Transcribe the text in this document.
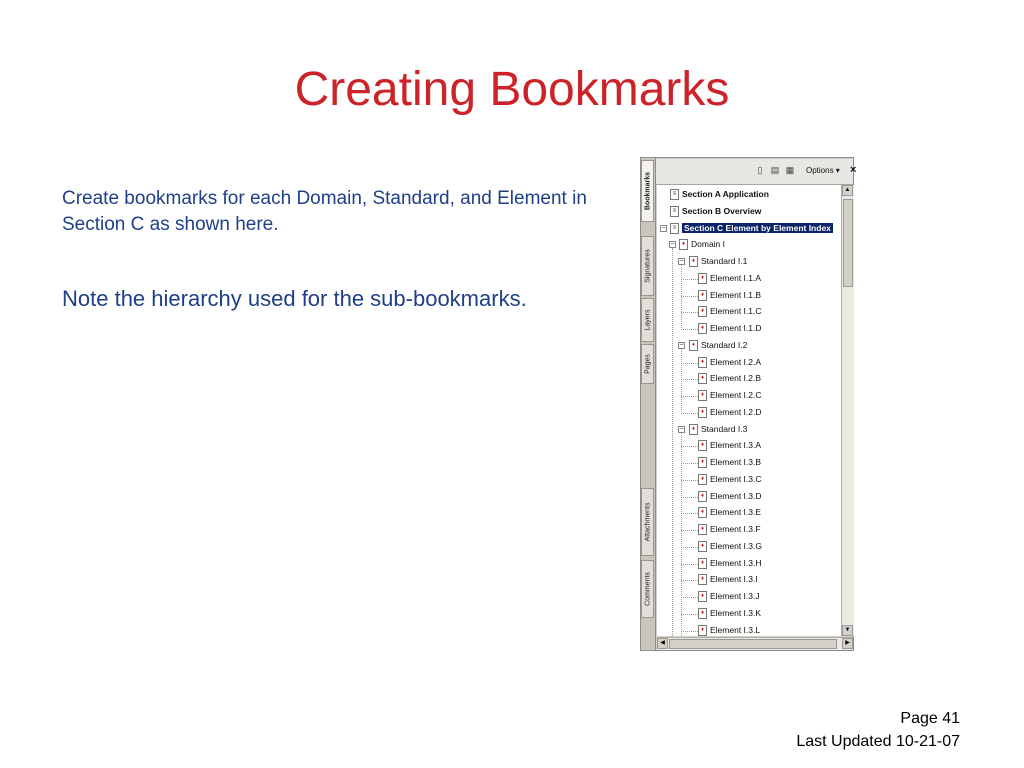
Creating Bookmarks
Create bookmarks for each Domain, Standard, and Element in Section C as shown here.
Note the hierarchy used for the sub-bookmarks.
Page 41
Last Updated 10-21-07
Bookmarks
Signatures
Layers
Pages
Attachments
Comments
▯ ▤ ▦ Options ▾ ×
≡ Section A Application
≡ Section B Overview
−	≡ Section C Element by Element Index
−	♦ Domain I
−	♦ Standard I.1
♦ Element I.1.A
♦ Element I.1.B
♦ Element I.1.C
♦ Element I.1.D
−	♦ Standard I.2
♦ Element I.2.A
♦ Element I.2.B
♦ Element I.2.C
♦ Element I.2.D
−	♦ Standard I.3
♦ Element I.3.A
♦ Element I.3.B
♦ Element I.3.C
♦ Element I.3.D
♦ Element I.3.E
♦ Element I.3.F
♦ Element I.3.G
♦ Element I.3.H
♦ Element I.3.I
♦ Element I.3.J
♦ Element I.3.K
♦ Element I.3.L
▲
▼
◀	▶
